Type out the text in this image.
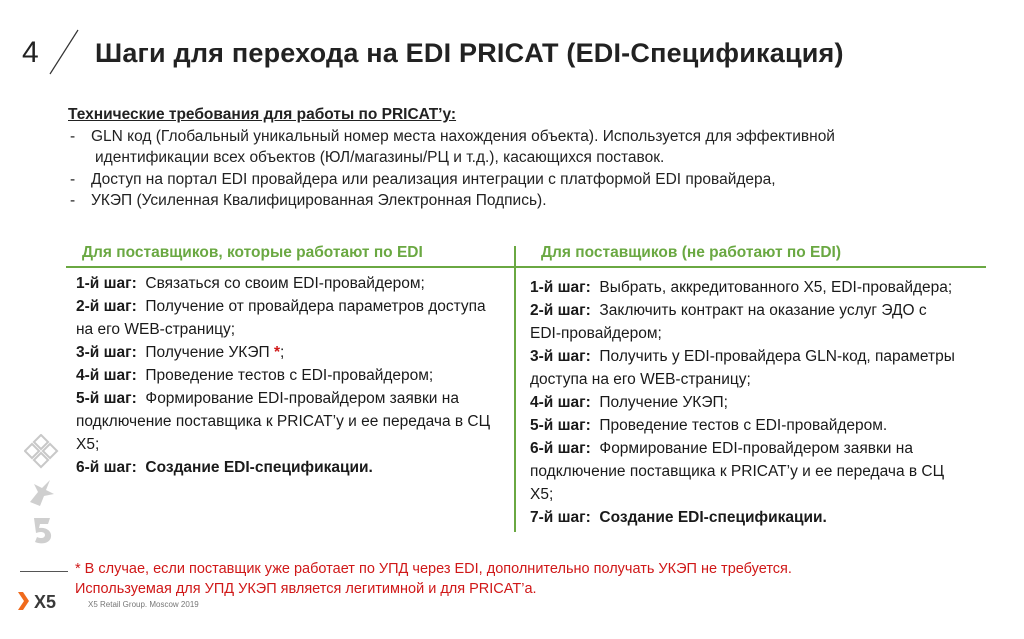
4 Шаги для перехода на EDI PRICAT (EDI-Спецификация)
Технические требования для работы по PRICAT’у:
- GLN код (Глобальный уникальный номер места нахождения объекта). Используется для эффективной
идентификации всех объектов (ЮЛ/магазины/РЦ и т.д.), касающихся поставок.
- Доступ на портал EDI провайдера или реализация интеграции с платформой EDI провайдера,
- УКЭП (Усиленная Квалифицированная Электронная Подпись).
Для поставщиков, которые работают по EDI	Для поставщиков (не работают по EDI)
1-й шаг: Связаться со своим EDI-провайдером;
2-й шаг: Получение от провайдера параметров доступа на его WEB-страницу;
3-й шаг: Получение УКЭП *;
4-й шаг: Проведение тестов с EDI-провайдером;
5-й шаг: Формирование EDI-провайдером заявки на подключение поставщика к PRICAT’у и ее передача в СЦ Х5;
6-й шаг: Создание EDI-спецификации.
1-й шаг: Выбрать, аккредитованного Х5, EDI-провайдера;
2-й шаг: Заключить контракт на оказание услуг ЭДО с EDI-провайдером;
3-й шаг: Получить у EDI-провайдера GLN-код, параметры доступа на его WEB-страницу;
4-й шаг: Получение УКЭП;
5-й шаг: Проведение тестов с EDI-провайдером.
6-й шаг: Формирование EDI-провайдером заявки на подключение поставщика к PRICAT’у и ее передача в СЦ Х5;
7-й шаг: Создание EDI-спецификации.
* В случае, если поставщик уже работает по УПД через EDI, дополнительно получать УКЭП не требуется.
Используемая для УПД УКЭП является легитимной и для PRICAT’а.
X5	X5 Retail Group. Moscow 2019
